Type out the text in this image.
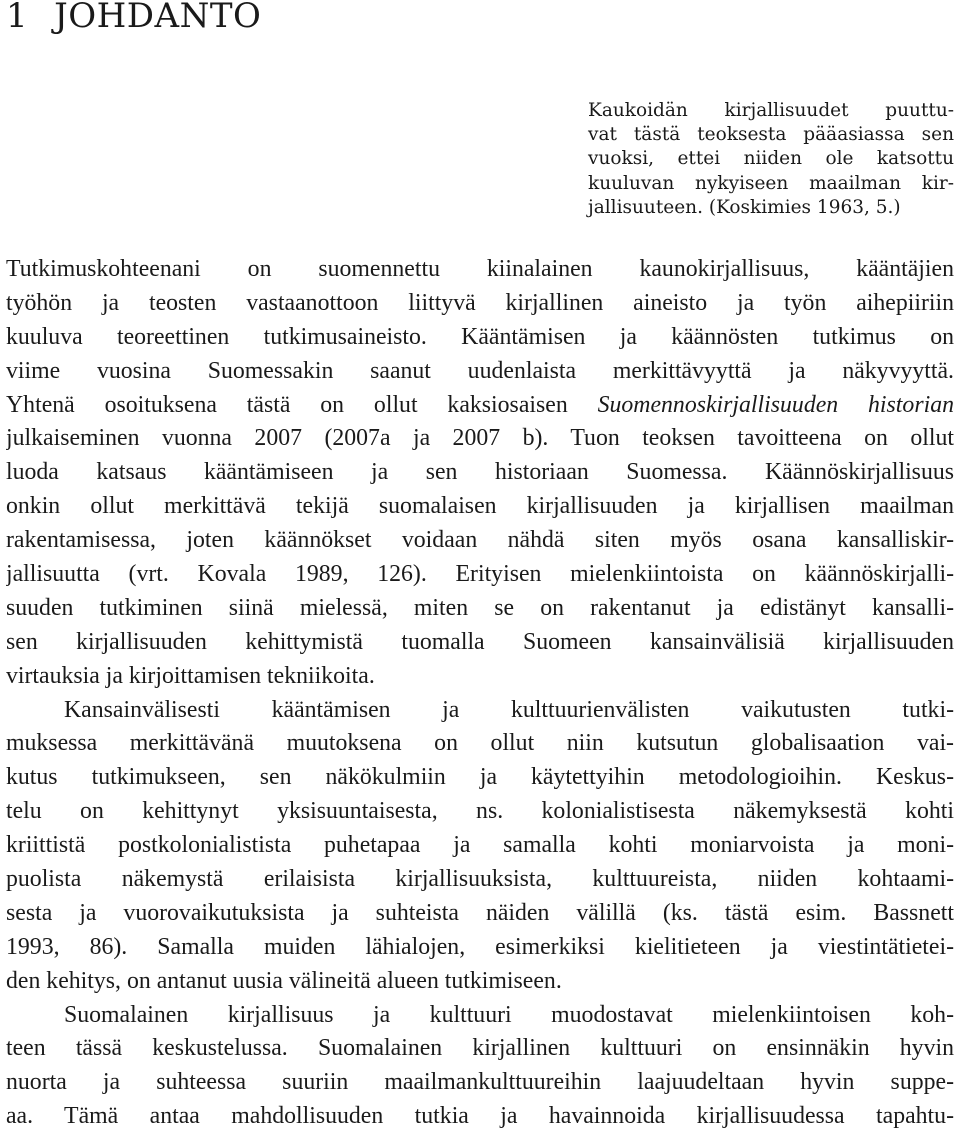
1 JOHDANTO
Kaukoidän kirjallisuudet puuttu-
vat tästä teoksesta pääasiassa sen
vuoksi, ettei niiden ole katsottu
kuuluvan nykyiseen maailman kir-
jallisuuteen. (Koskimies 1963, 5.)
Tutkimuskohteenani on suomennettu kiinalainen kaunokirjallisuus, kääntäjien
työhön ja teosten vastaanottoon liittyvä kirjallinen aineisto ja työn aihepiiriin
kuuluva teoreettinen tutkimusaineisto. Kääntämisen ja käännösten tutkimus on
viime vuosina Suomessakin saanut uudenlaista merkittävyyttä ja näkyvyyttä.
Yhtenä osoituksena tästä on ollut kaksiosaisen Suomennoskirjallisuuden historian
julkaiseminen vuonna 2007 (2007a ja 2007 b). Tuon teoksen tavoitteena on ollut
luoda katsaus kääntämiseen ja sen historiaan Suomessa. Käännöskirjallisuus
onkin ollut merkittävä tekijä suomalaisen kirjallisuuden ja kirjallisen maailman
rakentamisessa, joten käännökset voidaan nähdä siten myös osana kansalliskir-
jallisuutta (vrt. Kovala 1989, 126). Erityisen mielenkiintoista on käännöskirjalli-
suuden tutkiminen siinä mielessä, miten se on rakentanut ja edistänyt kansalli-
sen kirjallisuuden kehittymistä tuomalla Suomeen kansainvälisiä kirjallisuuden
virtauksia ja kirjoittamisen tekniikoita.
Kansainvälisesti kääntämisen ja kulttuurienvälisten vaikutusten tutki-
muksessa merkittävänä muutoksena on ollut niin kutsutun globalisaation vai-
kutus tutkimukseen, sen näkökulmiin ja käytettyihin metodologioihin. Keskus-
telu on kehittynyt yksisuuntaisesta, ns. kolonialistisesta näkemyksestä kohti
kriittistä postkolonialistista puhetapaa ja samalla kohti moniarvoista ja moni-
puolista näkemystä erilaisista kirjallisuuksista, kulttuureista, niiden kohtaami-
sesta ja vuorovaikutuksista ja suhteista näiden välillä (ks. tästä esim. Bassnett
1993, 86). Samalla muiden lähialojen, esimerkiksi kielitieteen ja viestintätietei-
den kehitys, on antanut uusia välineitä alueen tutkimiseen.
Suomalainen kirjallisuus ja kulttuuri muodostavat mielenkiintoisen koh-
teen tässä keskustelussa. Suomalainen kirjallinen kulttuuri on ensinnäkin hyvin
nuorta ja suhteessa suuriin maailmankulttuureihin laajuudeltaan hyvin suppe-
aa. Tämä antaa mahdollisuuden tutkia ja havainnoida kirjallisuudessa tapahtu-
